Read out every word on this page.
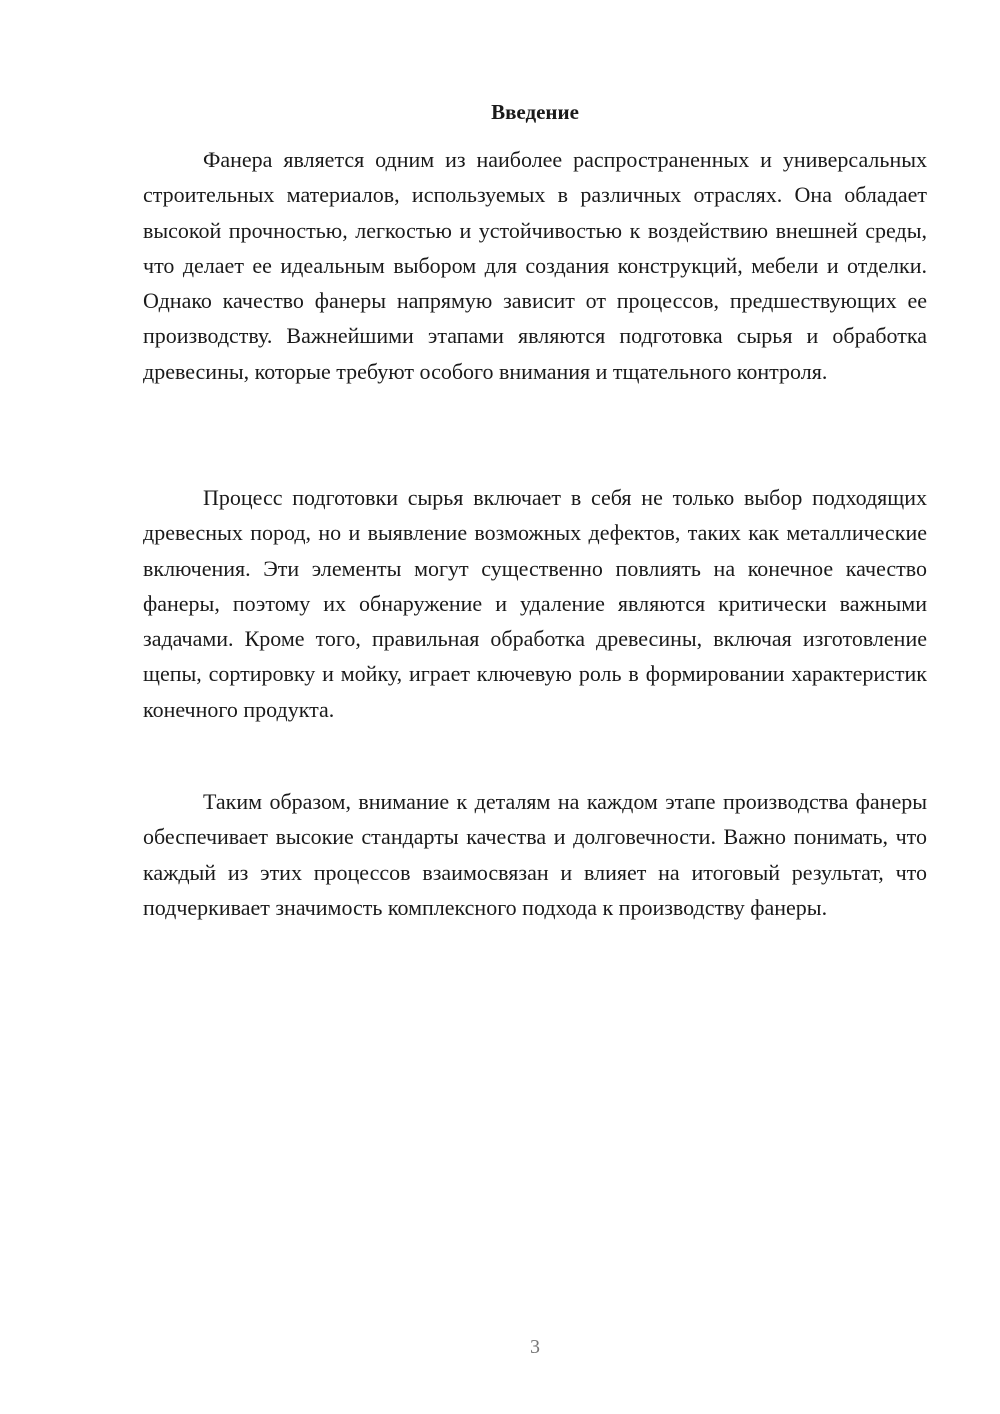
Введение

Фанера является одним из наиболее распространенных и универсальных строительных материалов, используемых в различных отраслях. Она обладает высокой прочностью, легкостью и устойчивостью к воздействию внешней среды, что делает ее идеальным выбором для создания конструкций, мебели и отделки. Однако качество фанеры напрямую зависит от процессов, предшествующих ее производству. Важнейшими этапами являются подготовка сырья и обработка древесины, которые требуют особого внимания и тщательного контроля.

Процесс подготовки сырья включает в себя не только выбор подходящих древесных пород, но и выявление возможных дефектов, таких как металлические включения. Эти элементы могут существенно повлиять на конечное качество фанеры, поэтому их обнаружение и удаление являются критически важными задачами. Кроме того, правильная обработка древесины, включая изготовление щепы, сортировку и мойку, играет ключевую роль в формировании характеристик конечного продукта.

Таким образом, внимание к деталям на каждом этапе производства фанеры обеспечивает высокие стандарты качества и долговечности. Важно понимать, что каждый из этих процессов взаимосвязан и влияет на итоговый результат, что подчеркивает значимость комплексного подхода к производству фанеры.

3
